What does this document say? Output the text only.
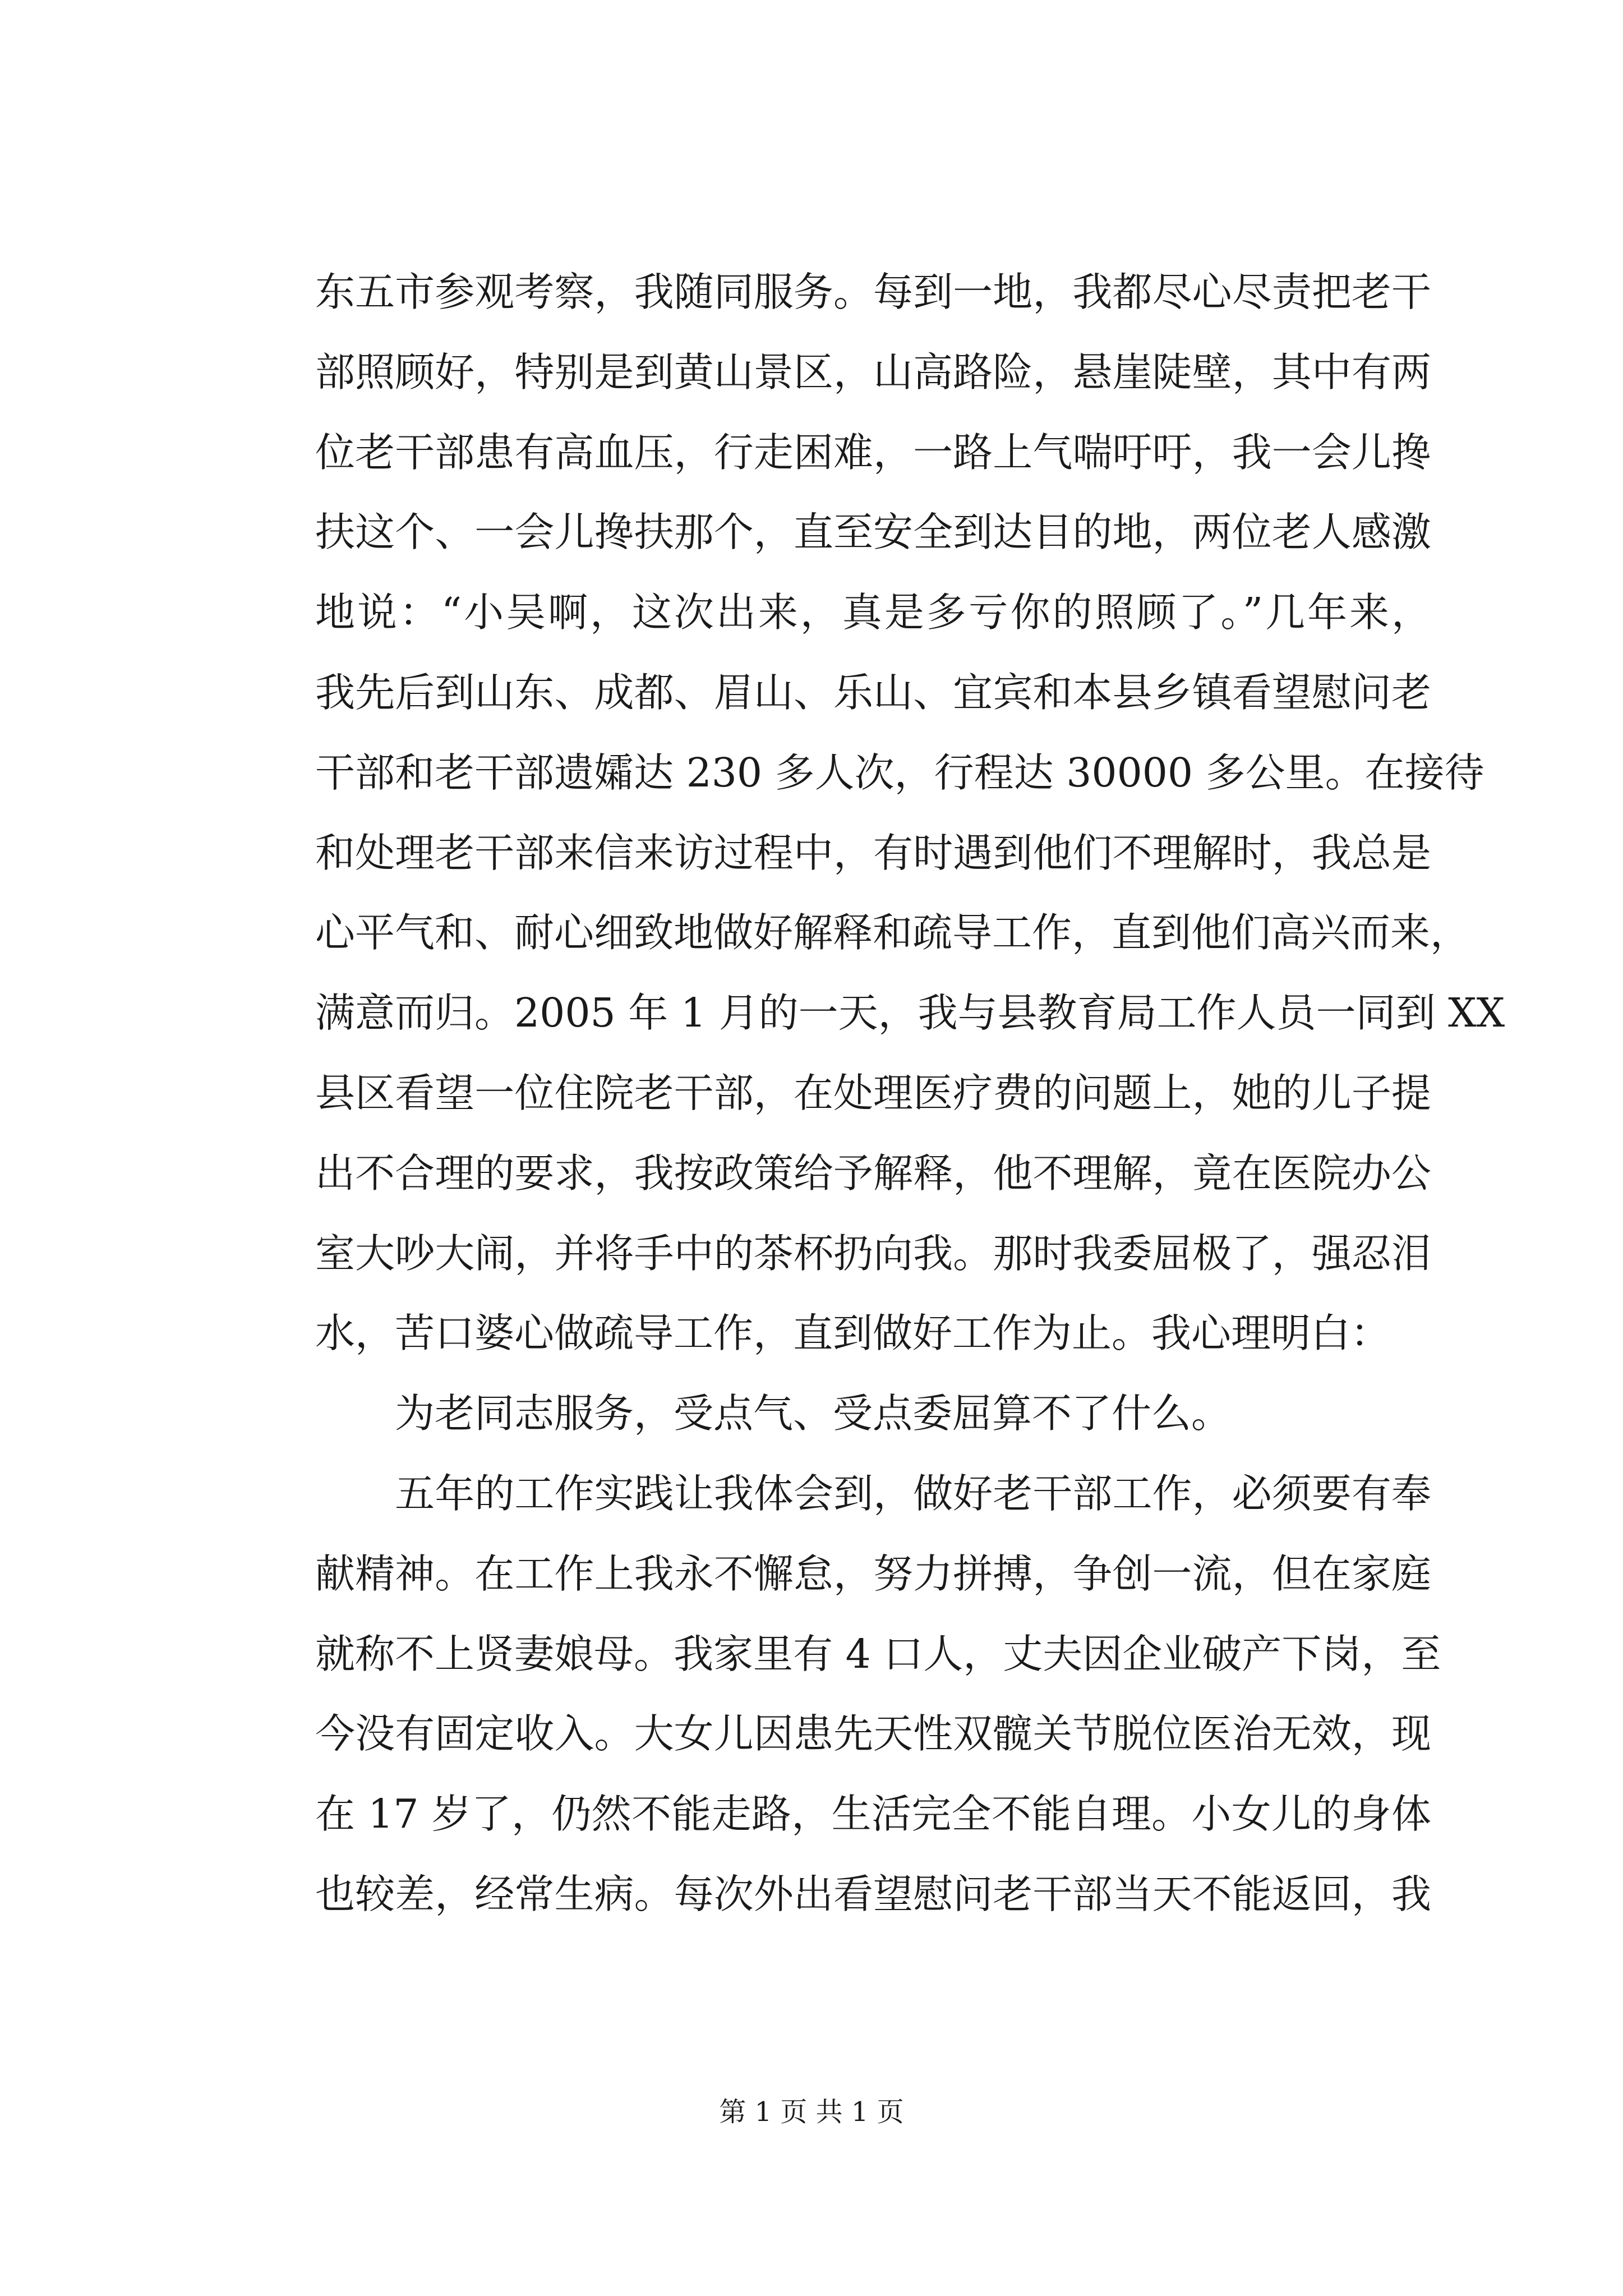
东五市参观考察，我随同服务。每到一地，我都尽心尽责把老干
部照顾好，特别是到黄山景区，山高路险，悬崖陡壁，其中有两
位老干部患有高血压，行走困难，一路上气喘吁吁，我一会儿搀
扶这个、一会儿搀扶那个，直至安全到达目的地，两位老人感激
地说：“小吴啊，这次出来，真是多亏你的照顾了。”几年来，
我先后到山东、成都、眉山、乐山、宜宾和本县乡镇看望慰问老
干部和老干部遗孀达 230 多人次，行程达 30000 多公里。在接待
和处理老干部来信来访过程中，有时遇到他们不理解时，我总是
心平气和、耐心细致地做好解释和疏导工作，直到他们高兴而来，
满意而归。2005 年 1 月的一天，我与县教育局工作人员一同到 XX
县区看望一位住院老干部，在处理医疗费的问题上，她的儿子提
出不合理的要求，我按政策给予解释，他不理解，竟在医院办公
室大吵大闹，并将手中的茶杯扔向我。那时我委屈极了，强忍泪
水，苦口婆心做疏导工作，直到做好工作为止。我心理明白：
　　为老同志服务，受点气、受点委屈算不了什么。
　　五年的工作实践让我体会到，做好老干部工作，必须要有奉
献精神。在工作上我永不懈怠，努力拼搏，争创一流，但在家庭
就称不上贤妻娘母。我家里有 4 口人，丈夫因企业破产下岗，至
今没有固定收入。大女儿因患先天性双髋关节脱位医治无效，现
在 17 岁了，仍然不能走路，生活完全不能自理。小女儿的身体
也较差，经常生病。每次外出看望慰问老干部当天不能返回，我
第 1 页 共 1 页
